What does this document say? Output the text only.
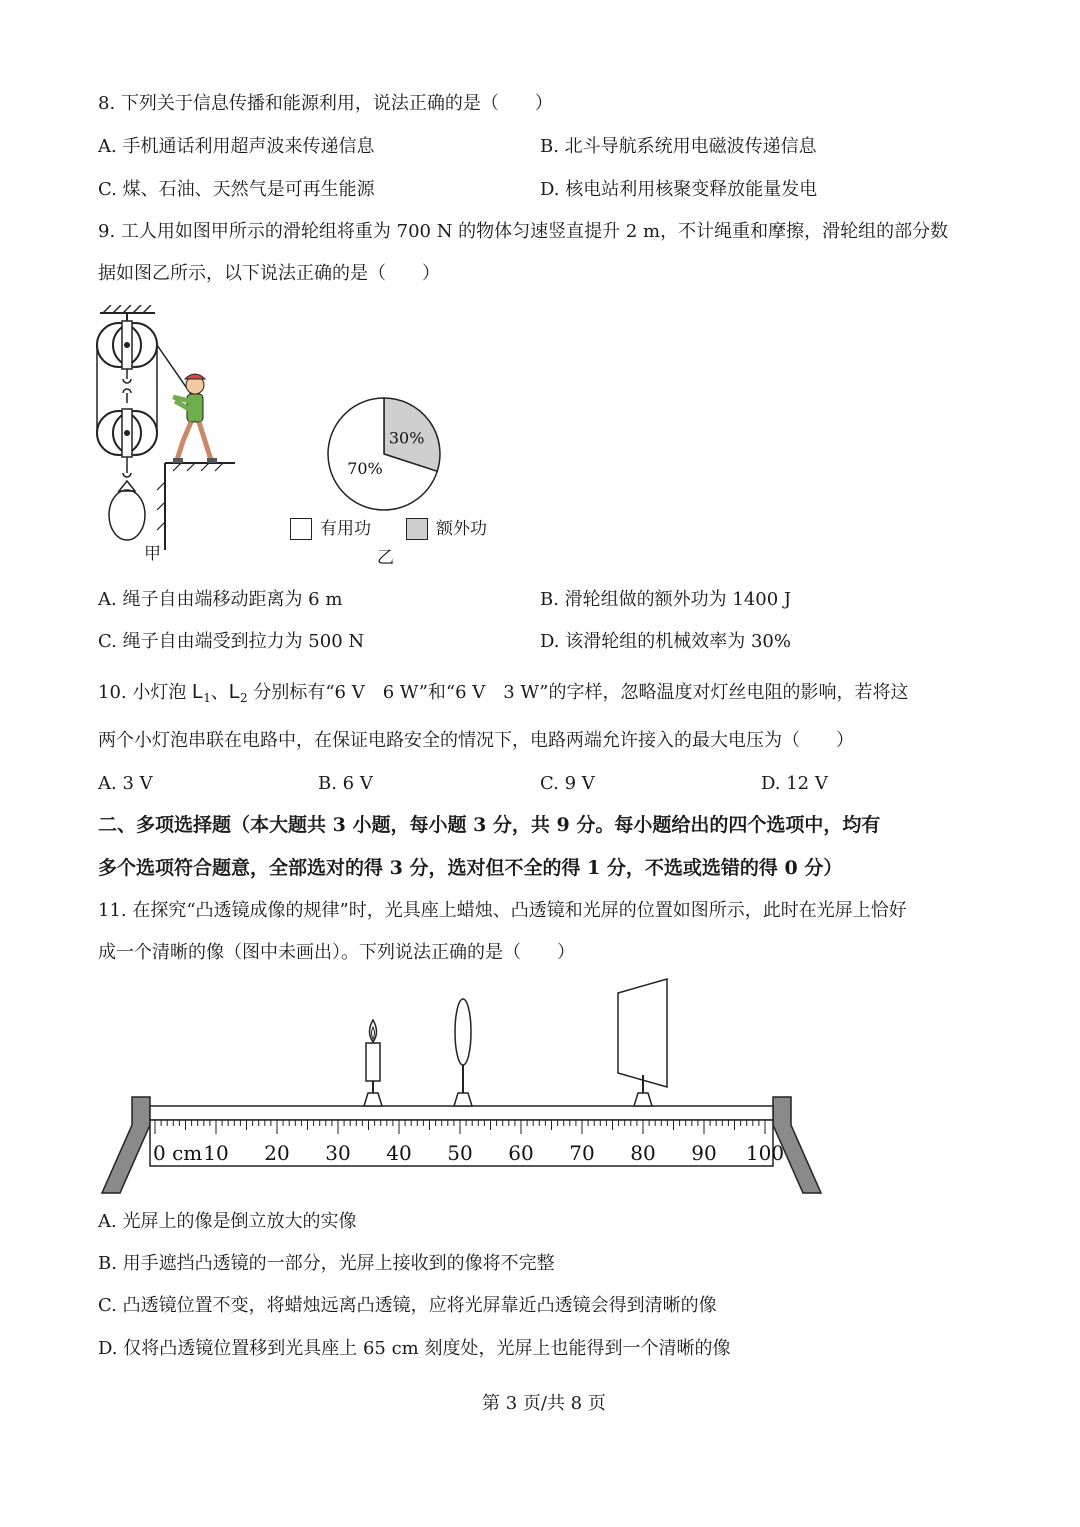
8. 下列关于信息传播和能源利用，说法正确的是（　　）
A. 手机通话利用超声波来传递信息	B. 北斗导航系统用电磁波传递信息
C. 煤、石油、天然气是可再生能源	D. 核电站利用核聚变释放能量发电
9. 工人用如图甲所示的滑轮组将重为 700 N 的物体匀速竖直提升 2 m，不计绳重和摩擦，滑轮组的部分数
据如图乙所示，以下说法正确的是（　　）
甲
30%
70%
有用功	额外功
乙
A. 绳子自由端移动距离为 6 m	B. 滑轮组做的额外功为 1400 J
C. 绳子自由端受到拉力为 500 N	D. 该滑轮组的机械效率为 30%
10. 小灯泡 $L_1$、$L_2$ 分别标有“6 V　6 W”和“6 V　3 W”的字样，忽略温度对灯丝电阻的影响，若将这
两个小灯泡串联在电路中，在保证电路安全的情况下，电路两端允许接入的最大电压为（　　）
A. 3 V	B. 6 V	C. 9 V	D. 12 V
二、多项选择题（本大题共 3 小题，每小题 3 分，共 9 分。每小题给出的四个选项中，均有
多个选项符合题意，全部选对的得 3 分，选对但不全的得 1 分，不选或选错的得 0 分）
11. 在探究“凸透镜成像的规律”时，光具座上蜡烛、凸透镜和光屏的位置如图所示，此时在光屏上恰好
成一个清晰的像（图中未画出）。下列说法正确的是（　　）
0 cm 10 20 30 40 50 60 70 80 90 100
A. 光屏上的像是倒立放大的实像
B. 用手遮挡凸透镜的一部分，光屏上接收到的像将不完整
C. 凸透镜位置不变，将蜡烛远离凸透镜，应将光屏靠近凸透镜会得到清晰的像
D. 仅将凸透镜位置移到光具座上 65 cm 刻度处，光屏上也能得到一个清晰的像
第 3 页/共 8 页
